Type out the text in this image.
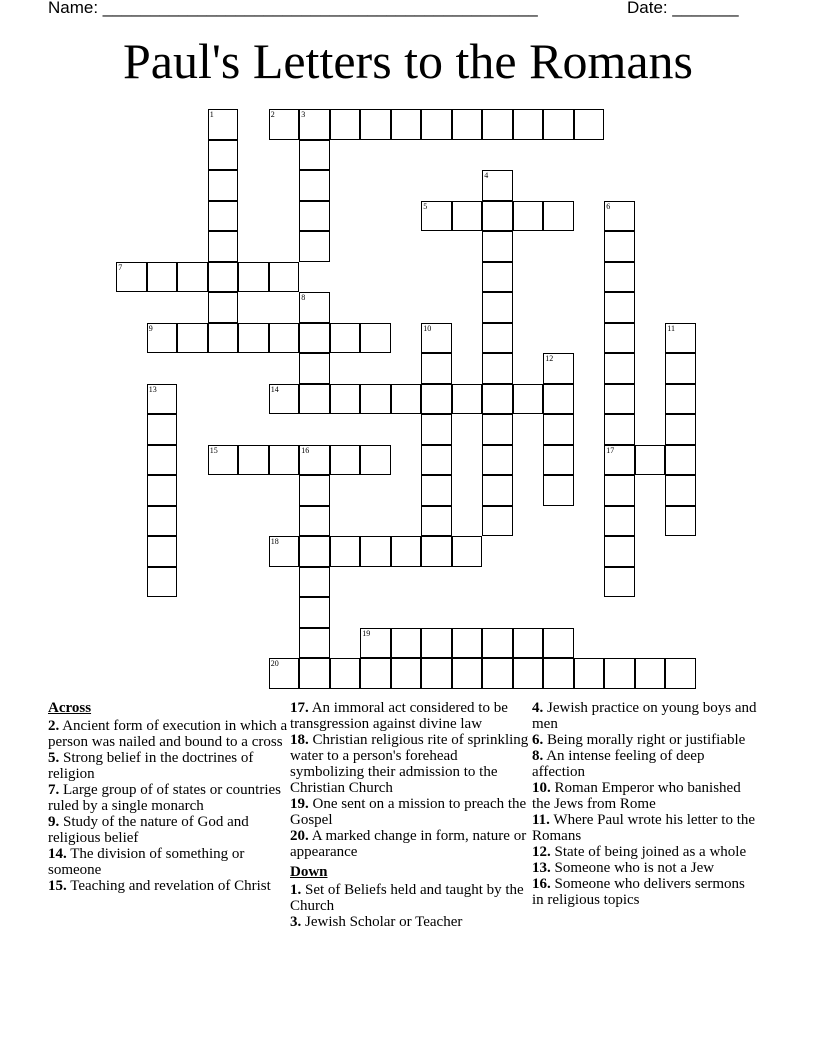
Name: ______________________________________________	Date: _______
Paul's Letters to the Romans
1	2	3
4
5	6
17
7
8
9	10	11
12
13	14
15	16
18
19
20
Across
2. Ancient form of execution in which a person was nailed and bound to a cross
5. Strong belief in the doctrines of religion
7. Large group of of states or countries ruled by a single monarch
9. Study of the nature of God and religious belief
14. The division of something or someone
15. Teaching and revelation of Christ
17. An immoral act considered to be transgression against divine law
18. Christian religious rite of sprinkling water to a person's forehead symbolizing their admission to the Christian Church
19. One sent on a mission to preach the Gospel
20. A marked change in form, nature or appearance
Down
1. Set of Beliefs held and taught by the Church
3. Jewish Scholar or Teacher
4. Jewish practice on young boys and men
6. Being morally right or justifiable
8. An intense feeling of deep affection
10. Roman Emperor who banished the Jews from Rome
11. Where Paul wrote his letter to the Romans
12. State of being joined as a whole
13. Someone who is not a Jew
16. Someone who delivers sermons in religious topics
